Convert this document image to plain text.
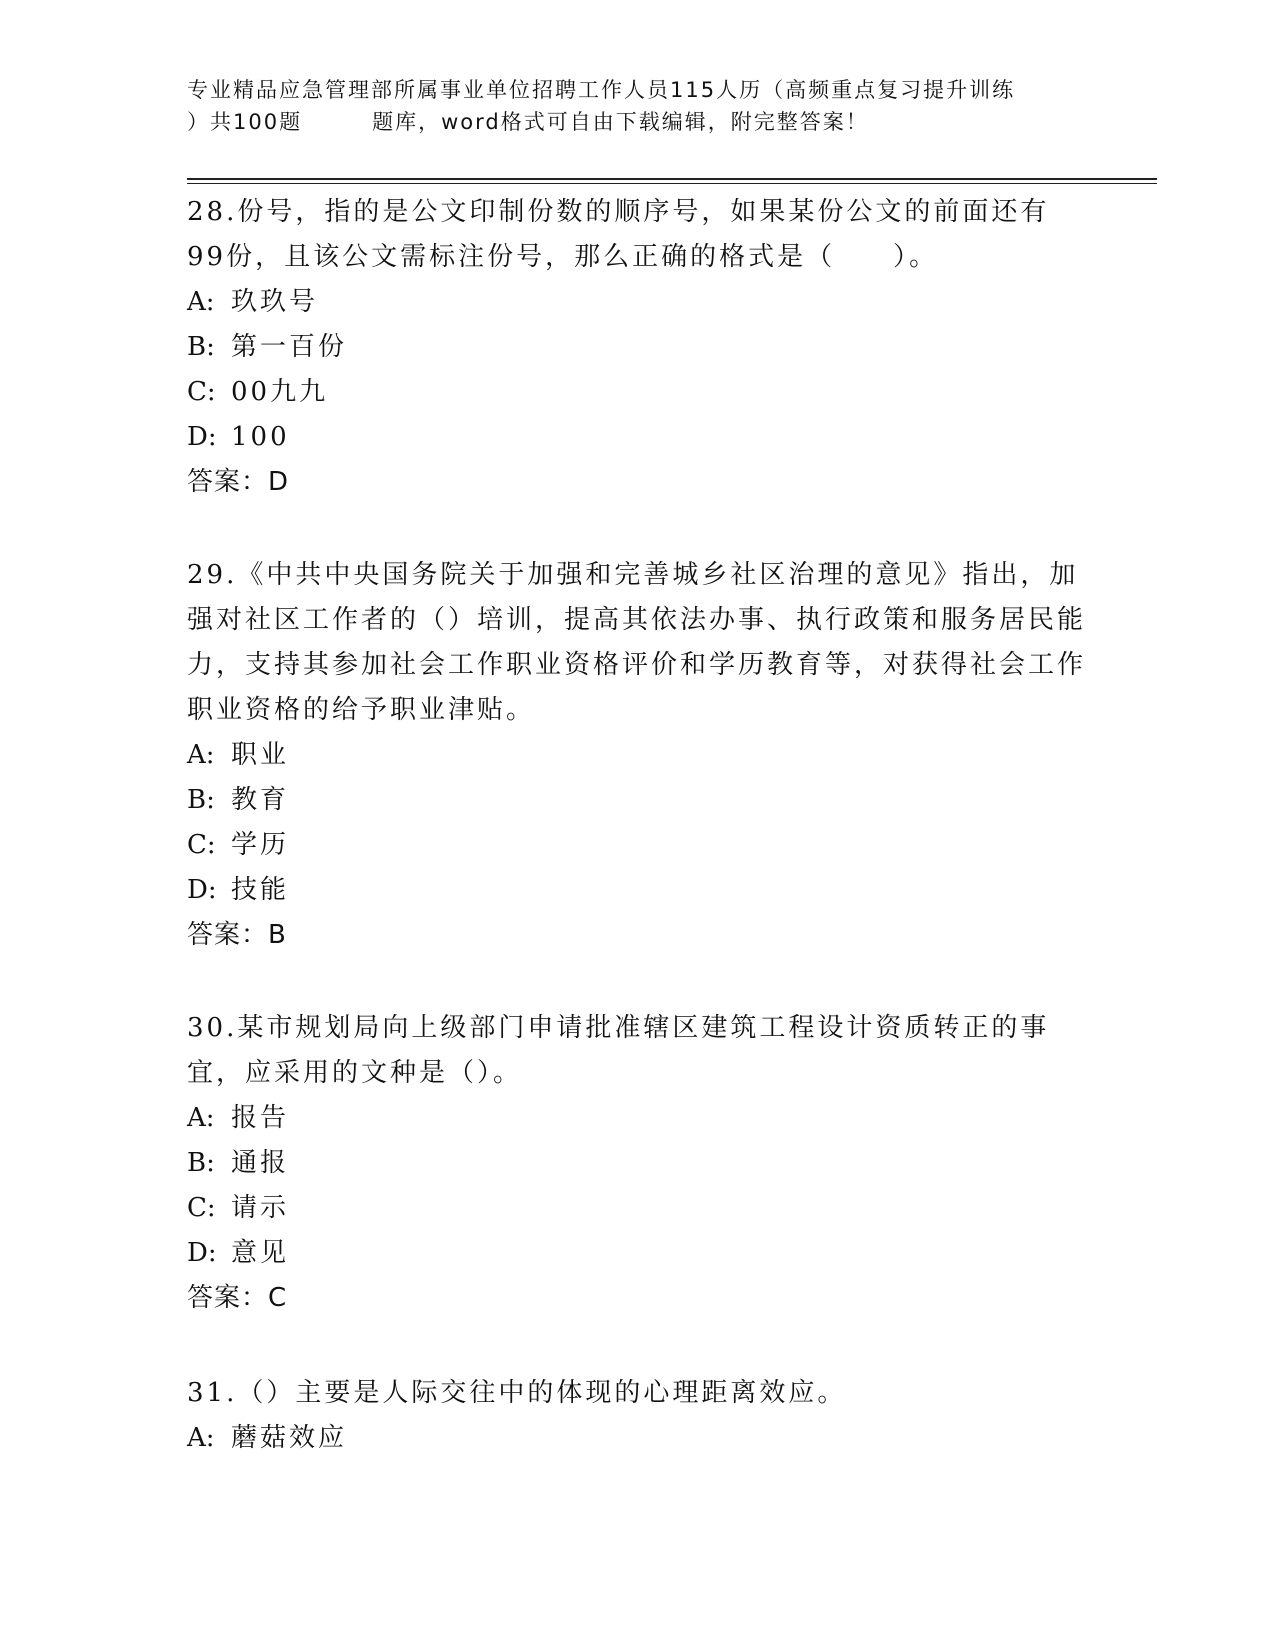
专业精品应急管理部所属事业单位招聘工作人员115人历（高频重点复习提升训练
）共100题	题库，word格式可自由下载编辑，附完整答案！

28.份号，指的是公文印制份数的顺序号，如果某份公文的前面还有99份，且该公文需标注份号，那么正确的格式是（　　）。

A: 玖玖号

B: 第一百份

C: 00九九

D: 100

答案：D

29.《中共中央国务院关于加强和完善城乡社区治理的意见》指出，加强对社区工作者的（）培训，提高其依法办事、执行政策和服务居民能力，支持其参加社会工作职业资格评价和学历教育等，对获得社会工作职业资格的给予职业津贴。

A: 职业

B: 教育

C: 学历

D: 技能

答案：B

30.某市规划局向上级部门申请批准辖区建筑工程设计资质转正的事宜，应采用的文种是（）。

A: 报告

B: 通报

C: 请示

D: 意见

答案：C

31.（）主要是人际交往中的体现的心理距离效应。

A: 蘑菇效应
